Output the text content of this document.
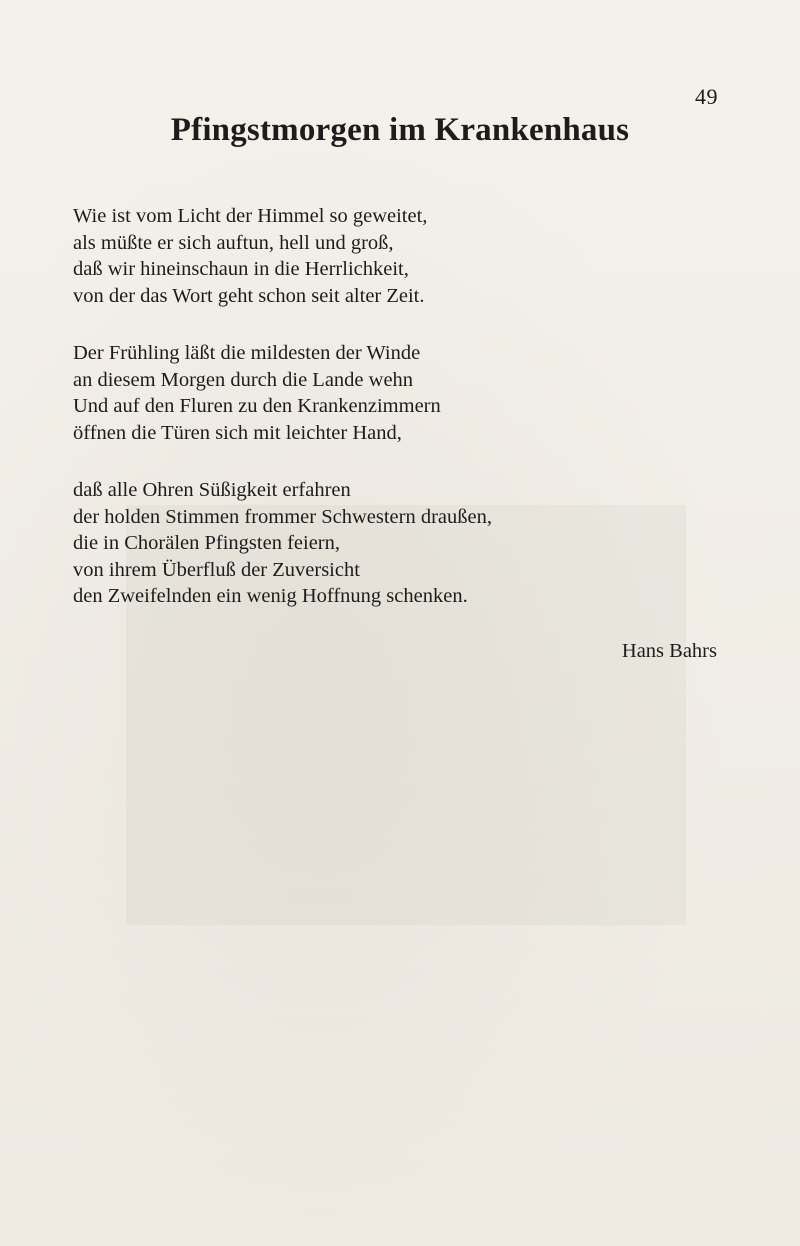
49
Pfingstmorgen im Krankenhaus
Wie ist vom Licht der Himmel so geweitet,
als müßte er sich auftun, hell und groß,
daß wir hineinschaun in die Herrlichkeit,
von der das Wort geht schon seit alter Zeit.
Der Frühling läßt die mildesten der Winde
an diesem Morgen durch die Lande wehn
Und auf den Fluren zu den Krankenzimmern
öffnen die Türen sich mit leichter Hand,
daß alle Ohren Süßigkeit erfahren
der holden Stimmen frommer Schwestern draußen,
die in Chorälen Pfingsten feiern,
von ihrem Überfluß der Zuversicht
den Zweifelnden ein wenig Hoffnung schenken.
Hans Bahrs
